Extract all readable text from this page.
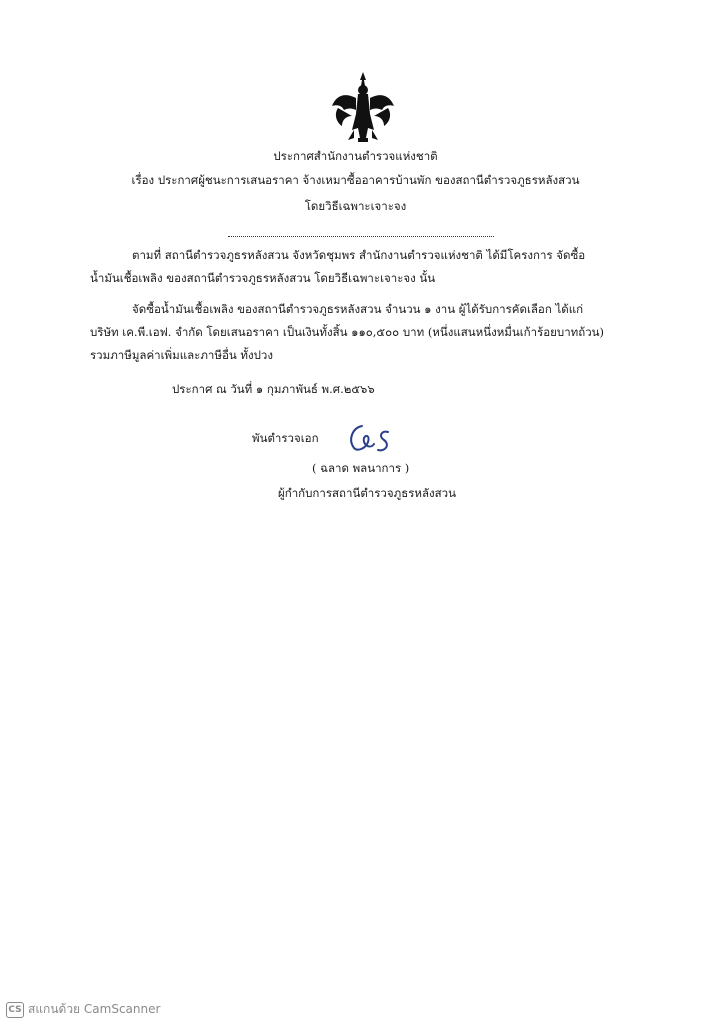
ประกาศสำนักงานตำรวจแห่งชาติ
เรื่อง ประกาศผู้ชนะการเสนอราคา จ้างเหมาซื้ออาคารบ้านพัก ของสถานีตำรวจภูธรหลังสวน
โดยวิธีเฉพาะเจาะจง
ตามที่ สถานีตำรวจภูธรหลังสวน จังหวัดชุมพร สำนักงานตำรวจแห่งชาติ ได้มีโครงการ จัดซื้อ
น้ำมันเชื้อเพลิง ของสถานีตำรวจภูธรหลังสวน โดยวิธีเฉพาะเจาะจง นั้น
จัดซื้อน้ำมันเชื้อเพลิง ของสถานีตำรวจภูธรหลังสวน จำนวน ๑ งาน ผู้ได้รับการคัดเลือก ได้แก่
บริษัท เค.พี.เอฟ. จำกัด โดยเสนอราคา เป็นเงินทั้งสิ้น ๑๑๐,๕๐๐ บาท (หนึ่งแสนหนึ่งหมื่นเก้าร้อยบาทถ้วน)
รวมภาษีมูลค่าเพิ่มและภาษีอื่น ทั้งปวง
ประกาศ ณ วันที่ ๑ กุมภาพันธ์ พ.ศ.๒๕๖๖
พันตำรวจเอก
( ฉลาด พลนาการ )
ผู้กำกับการสถานีตำรวจภูธรหลังสวน
CS สแกนด้วย CamScanner
